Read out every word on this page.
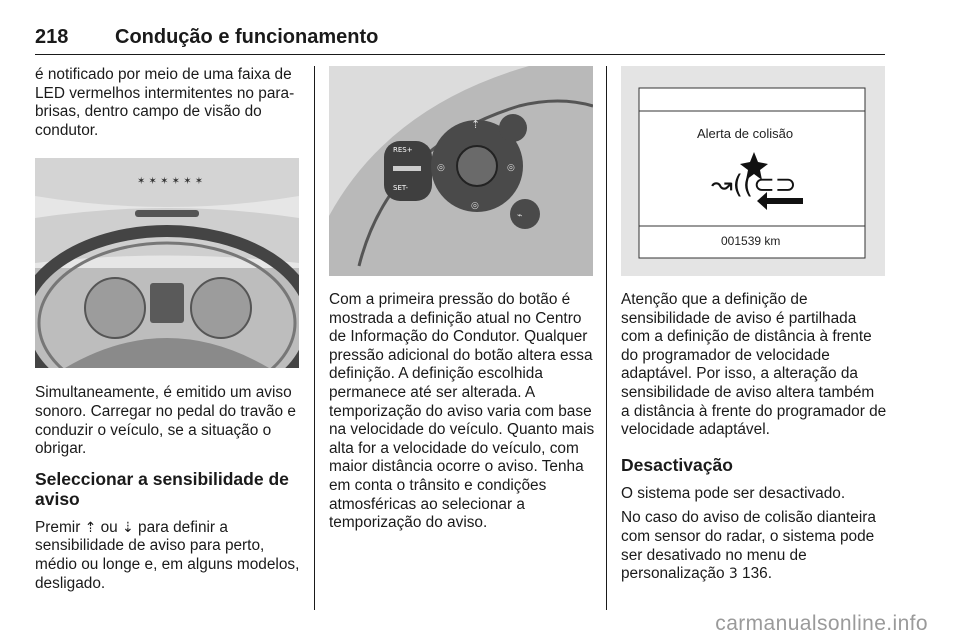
218 Condução e funcionamento

é notificado por meio de uma faixa de LED vermelhos intermitentes no para-brisas, dentro campo de visão do condutor.

✶ ✶ ✶ ✶ ✶ ✶

Simultaneamente, é emitido um aviso sonoro. Carregar no pedal do travão e conduzir o veículo, se a situação o obrigar.

Seleccionar a sensibilidade de aviso

Premir ⇡ ou ⇣ para definir a sensibilidade de aviso para perto, médio ou longe e, em alguns modelos, desligado.

RES+
SET-
⇡
◎	◎
◎
⌁

Com a primeira pressão do botão é mostrada a definição atual no Centro de Informação do Condutor. Qualquer pressão adicional do botão altera essa definição. A definição escolhida permanece até ser alterada. A temporização do aviso varia com base na velocidade do veículo. Quanto mais alta for a velocidade do veículo, com maior distância ocorre o aviso. Tenha em conta o trânsito e condições atmosféricas ao selecionar a temporização do aviso.

Alerta de colisão
↝((⊂⊃
001539 km

Atenção que a definição de sensibilidade de aviso é partilhada com a definição de distância à frente do programador de velocidade adaptável. Por isso, a alteração da sensibilidade de aviso altera também a distância à frente do programador de velocidade adaptável.

Desactivação

O sistema pode ser desactivado.

No caso do aviso de colisão dianteira com sensor do radar, o sistema pode ser desativado no menu de personalização 3 136.

carmanualsonline.info
